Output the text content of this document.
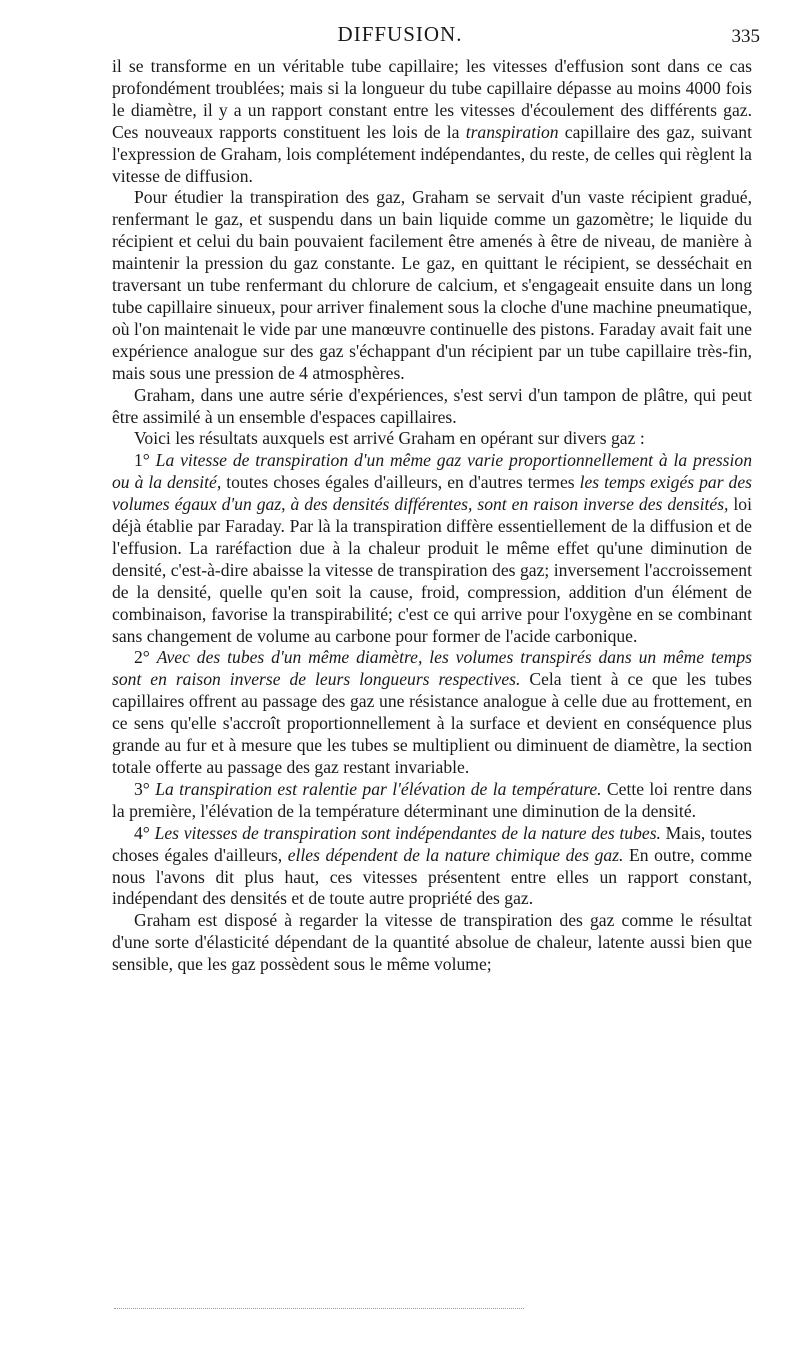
DIFFUSION.	335

il se transforme en un véritable tube capillaire; les vitesses d'effusion sont dans ce cas profondément troublées; mais si la longueur du tube capillaire dépasse au moins 4000 fois le diamètre, il y a un rapport constant entre les vitesses d'écoulement des différents gaz. Ces nouveaux rapports constituent les lois de la transpiration capillaire des gaz, suivant l'expression de Graham, lois complétement indépendantes, du reste, de celles qui règlent la vitesse de diffusion.

Pour étudier la transpiration des gaz, Graham se servait d'un vaste récipient gradué, renfermant le gaz, et suspendu dans un bain liquide comme un gazomètre; le liquide du récipient et celui du bain pouvaient facilement être amenés à être de niveau, de manière à maintenir la pression du gaz constante. Le gaz, en quittant le récipient, se desséchait en traversant un tube renfermant du chlorure de calcium, et s'engageait ensuite dans un long tube capillaire sinueux, pour arriver finalement sous la cloche d'une machine pneumatique, où l'on maintenait le vide par une manœuvre continuelle des pistons. Faraday avait fait une expérience analogue sur des gaz s'échappant d'un récipient par un tube capillaire très-fin, mais sous une pression de 4 atmosphères.

Graham, dans une autre série d'expériences, s'est servi d'un tampon de plâtre, qui peut être assimilé à un ensemble d'espaces capillaires.

Voici les résultats auxquels est arrivé Graham en opérant sur divers gaz :

1° La vitesse de transpiration d'un même gaz varie proportionnellement à la pression ou à la densité, toutes choses égales d'ailleurs, en d'autres termes les temps exigés par des volumes égaux d'un gaz, à des densités différentes, sont en raison inverse des densités, loi déjà établie par Faraday. Par là la transpiration diffère essentiellement de la diffusion et de l'effusion. La raréfaction due à la chaleur produit le même effet qu'une diminution de densité, c'est-à-dire abaisse la vitesse de transpiration des gaz; inversement l'accroissement de la densité, quelle qu'en soit la cause, froid, compression, addition d'un élément de combinaison, favorise la transpirabilité; c'est ce qui arrive pour l'oxygène en se combinant sans changement de volume au carbone pour former de l'acide carbonique.

2° Avec des tubes d'un même diamètre, les volumes transpirés dans un même temps sont en raison inverse de leurs longueurs respectives. Cela tient à ce que les tubes capillaires offrent au passage des gaz une résistance analogue à celle due au frottement, en ce sens qu'elle s'accroît proportionnellement à la surface et devient en conséquence plus grande au fur et à mesure que les tubes se multiplient ou diminuent de diamètre, la section totale offerte au passage des gaz restant invariable.

3° La transpiration est ralentie par l'élévation de la température. Cette loi rentre dans la première, l'élévation de la température déterminant une diminution de la densité.

4° Les vitesses de transpiration sont indépendantes de la nature des tubes. Mais, toutes choses égales d'ailleurs, elles dépendent de la nature chimique des gaz. En outre, comme nous l'avons dit plus haut, ces vitesses présentent entre elles un rapport constant, indépendant des densités et de toute autre propriété des gaz.

Graham est disposé à regarder la vitesse de transpiration des gaz comme le résultat d'une sorte d'élasticité dépendant de la quantité absolue de chaleur, latente aussi bien que sensible, que les gaz possèdent sous le même volume;
